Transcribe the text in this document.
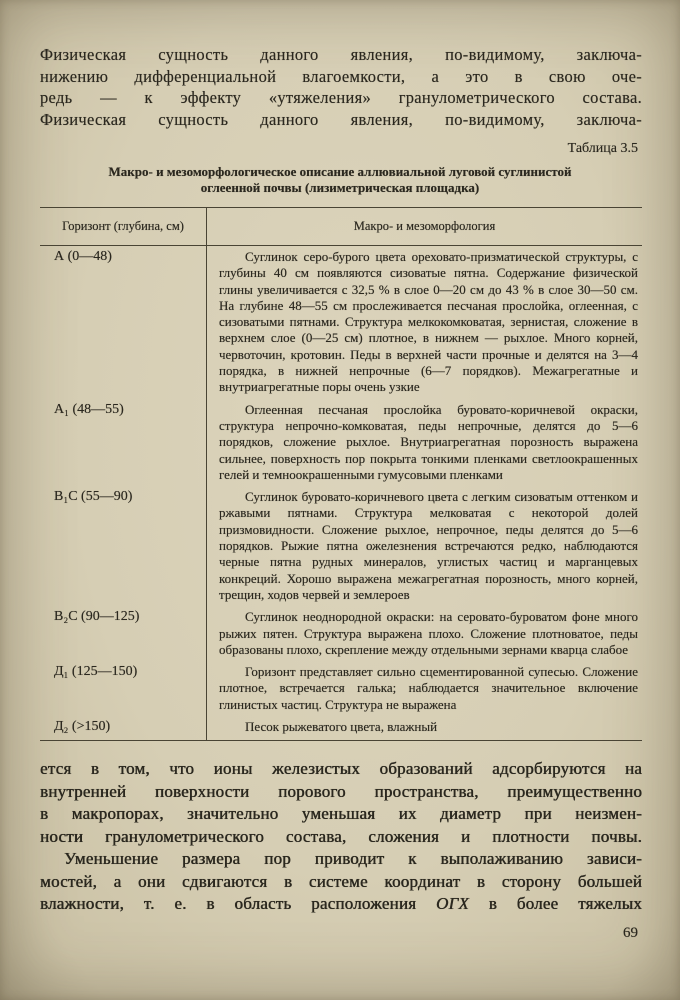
Физическая сущность данного явления, по-видимому, заключа-
нижению дифференциальной влагоемкости, а это в свою оче-
редь — к эффекту «утяжеления» гранулометрического состава.
Физическая сущность данного явления, по-видимому, заключа-
Таблица 3.5
Макро- и мезоморфологическое описание аллювиальной луговой суглинистой
оглеенной почвы (лизиметрическая площадка)
Горизонт (глубина, см)	Макро- и мезоморфология
А (0—48)	Суглинок серо-бурого цвета ореховато-призматической структуры, с глубины 40 см появляются сизоватые пятна. Содержание физической глины увеличивается с 32,5 % в слое 0—20 см до 43 % в слое 30—50 см. На глубине 48—55 см прослеживается песчаная прослойка, оглеенная, с сизоватыми пятнами. Структура мелкокомковатая, зернистая, сложение в верхнем слое (0—25 см) плотное, в нижнем — рыхлое. Много корней, червоточин, кротовин. Педы в верхней части прочные и делятся на 3—4 порядка, в нижней непрочные (6—7 порядков). Межагрегатные и внутриагрегатные поры очень узкие
А₁ (48—55)	Оглеенная песчаная прослойка буровато-коричневой окраски, структура непрочно-комковатая, педы непрочные, делятся до 5—6 порядков, сложение рыхлое. Внутриагрегатная порозность выражена сильнее, поверхность пор покрыта тонкими пленками светлоокрашенных гелей и темноокрашенными гумусовыми пленками
В₁С (55—90)	Суглинок буровато-коричневого цвета с легким сизоватым оттенком и ржавыми пятнами. Структура мелковатая с некоторой долей призмовидности. Сложение рыхлое, непрочное, педы делятся до 5—6 порядков. Рыжие пятна ожелезнения встречаются редко, наблюдаются черные пятна рудных минералов, углистых частиц и марганцевых конкреций. Хорошо выражена межагрегатная порозность, много корней, трещин, ходов червей и землероев
В₂С (90—125)	Суглинок неоднородной окраски: на серовато-буроватом фоне много рыжих пятен. Структура выражена плохо. Сложение плотноватое, педы образованы плохо, скрепление между отдельными зернами кварца слабое
Д₁ (125—150)	Горизонт представляет сильно сцементированной супесью. Сложение плотное, встречается галька; наблюдается значительное включение глинистых частиц. Структура не выражена
Д₂ (>150)	Песок рыжеватого цвета, влажный
ется в том, что ионы железистых образований адсорбируются на
внутренней поверхности порового пространства, преимущественно
в макропорах, значительно уменьшая их диаметр при неизмен-
ности гранулометрического состава, сложения и плотности почвы.
Уменьшение размера пор приводит к выполаживанию зависи-
мостей, а они сдвигаются в системе координат в сторону большей
влажности, т. е. в область расположения ОГХ в более тяжелых
69
